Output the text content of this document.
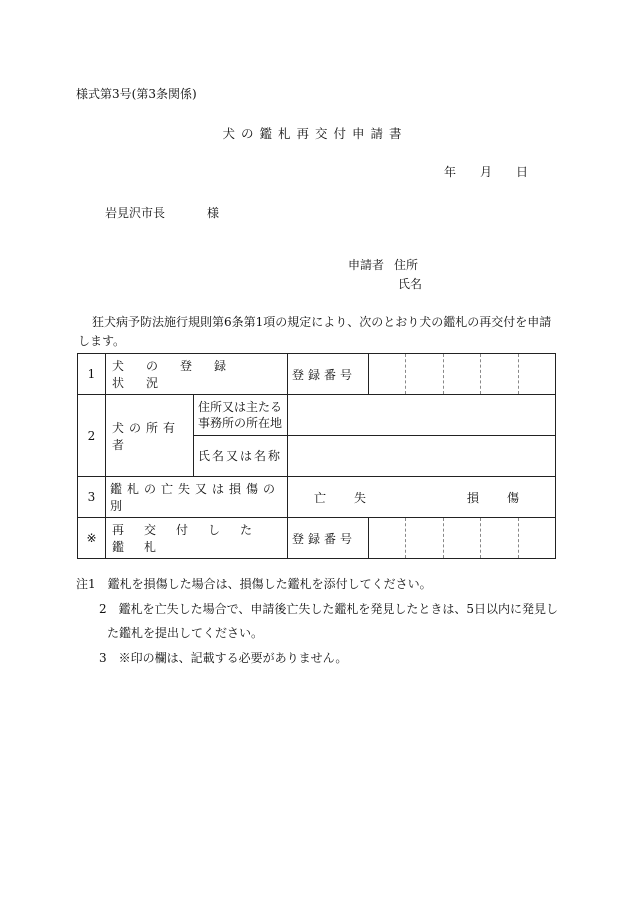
様式第3号(第3条関係)
犬の鑑札再交付申請書
年 月 日
岩見沢市長	様
申請者 住所
氏名
狂犬病予防法施行規則第6条第1項の規定により、次のとおり犬の鑑札の再交付を申請
します。
1	犬の登録状況		登録番号

2	犬の所有者	住所又は主たる
事務所の所在地	

		氏名又は名称	

3	鑑札の亡失又は損傷の別		亡　失 損　傷

※	再交付した鑑札		登録番号
注1　鑑札を損傷した場合は、損傷した鑑札を添付してください。
2　鑑札を亡失した場合で、申請後亡失した鑑札を発見したときは、5日以内に発見し
た鑑札を提出してください。
3　※印の欄は、記載する必要がありません。
